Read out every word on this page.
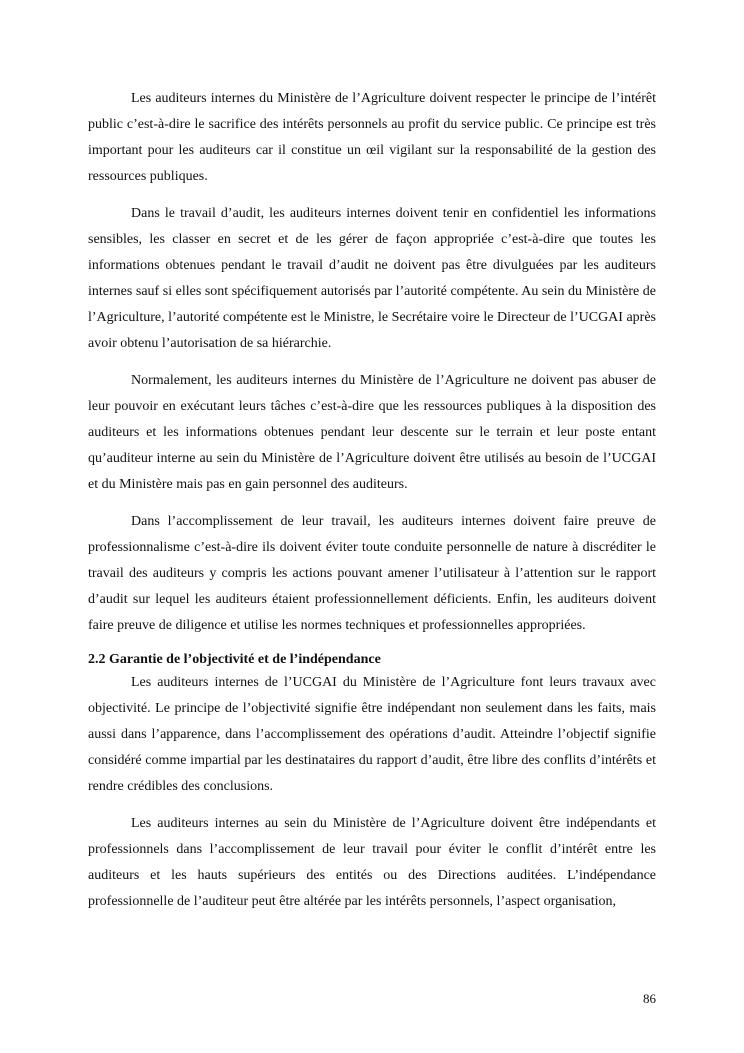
Les auditeurs internes du Ministère de l’Agriculture doivent respecter le principe de l’intérêt public c’est-à-dire le sacrifice des intérêts personnels au profit du service public. Ce principe est très important pour les auditeurs car il constitue un œil vigilant sur la responsabilité de la gestion des ressources publiques.

Dans le travail d’audit, les auditeurs internes doivent tenir en confidentiel les informations sensibles, les classer en secret et de les gérer de façon appropriée c’est-à-dire que toutes les informations obtenues pendant le travail d’audit ne doivent pas être divulguées par les auditeurs internes sauf si elles sont spécifiquement autorisés par l’autorité compétente. Au sein du Ministère de l’Agriculture, l’autorité compétente est le Ministre, le Secrétaire voire le Directeur de l’UCGAI après avoir obtenu l’autorisation de sa hiérarchie.

Normalement, les auditeurs internes du Ministère de l’Agriculture ne doivent pas abuser de leur pouvoir en exécutant leurs tâches c’est-à-dire que les ressources publiques à la disposition des auditeurs et les informations obtenues pendant leur descente sur le terrain et leur poste entant qu’auditeur interne au sein du Ministère de l’Agriculture doivent être utilisés au besoin de l’UCGAI et du Ministère mais pas en gain personnel des auditeurs.

Dans l’accomplissement de leur travail, les auditeurs internes doivent faire preuve de professionnalisme c’est-à-dire ils doivent éviter toute conduite personnelle de nature à discréditer le travail des auditeurs y compris les actions pouvant amener l’utilisateur à l’attention sur le rapport d’audit sur lequel les auditeurs étaient professionnellement déficients. Enfin, les auditeurs doivent faire preuve de diligence et utilise les normes techniques et professionnelles appropriées.

2.2 Garantie de l’objectivité et de l’indépendance

Les auditeurs internes de l’UCGAI du Ministère de l’Agriculture font leurs travaux avec objectivité. Le principe de l’objectivité signifie être indépendant non seulement dans les faits, mais aussi dans l’apparence, dans l’accomplissement des opérations d’audit. Atteindre l’objectif signifie considéré comme impartial par les destinataires du rapport d’audit, être libre des conflits d’intérêts et rendre crédibles des conclusions.

Les auditeurs internes au sein du Ministère de l’Agriculture doivent être indépendants et professionnels dans l’accomplissement de leur travail pour éviter le conflit d’intérêt entre les auditeurs et les hauts supérieurs des entités ou des Directions auditées. L’indépendance professionnelle de l’auditeur peut être altérée par les intérêts personnels, l’aspect organisation,

86
